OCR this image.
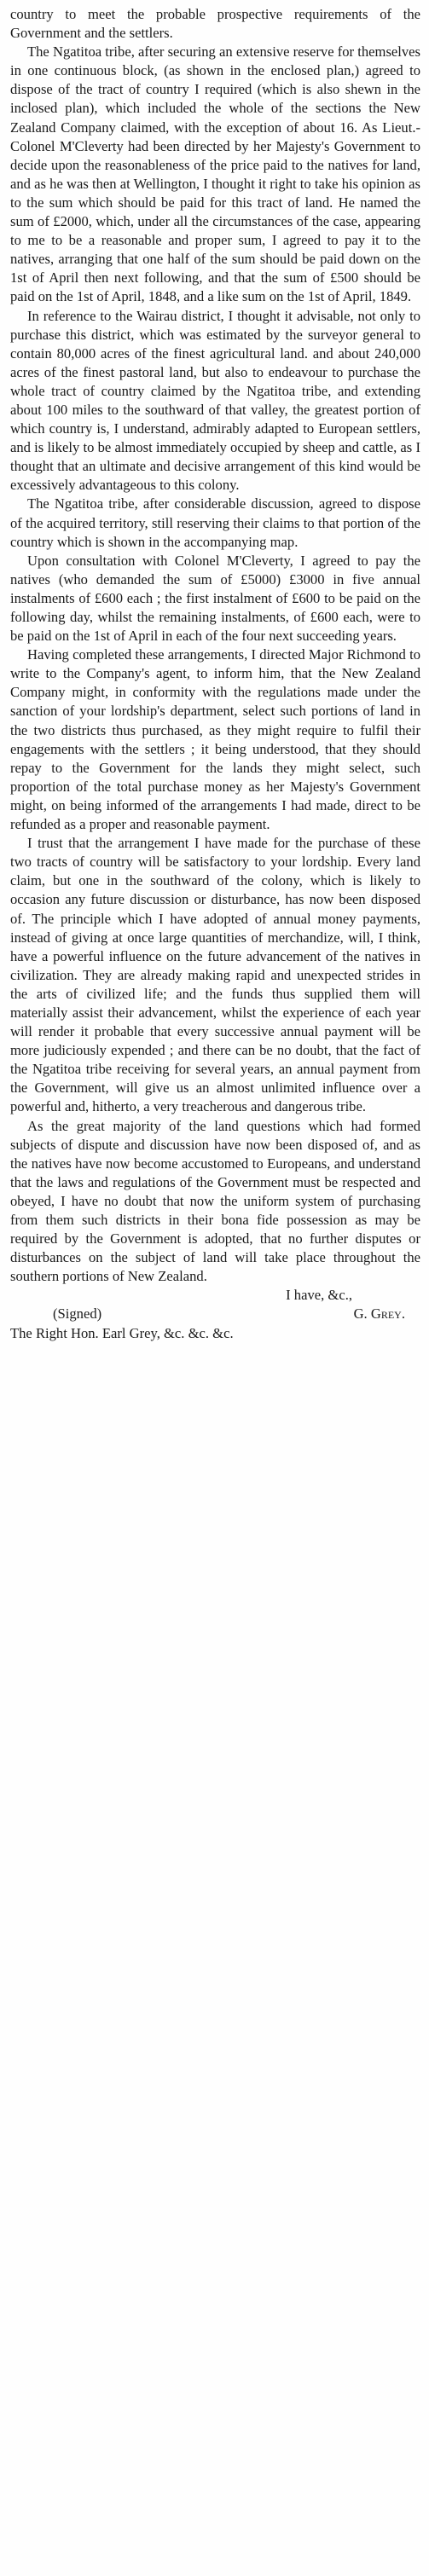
country to meet the probable prospective requirements of the Government and the settlers.

The Ngatitoa tribe, after securing an extensive reserve for themselves in one continuous block, (as shown in the enclosed plan,) agreed to dispose of the tract of country I required (which is also shewn in the inclosed plan), which included the whole of the sections the New Zealand Company claimed, with the exception of about 16. As Lieut.-Colonel M'Cleverty had been directed by her Majesty's Government to decide upon the reasonableness of the price paid to the natives for land, and as he was then at Wellington, I thought it right to take his opinion as to the sum which should be paid for this tract of land. He named the sum of £2000, which, under all the circumstances of the case, appearing to me to be a reasonable and proper sum, I agreed to pay it to the natives, arranging that one half of the sum should be paid down on the 1st of April then next following, and that the sum of £500 should be paid on the 1st of April, 1848, and a like sum on the 1st of April, 1849.

In reference to the Wairau district, I thought it advisable, not only to purchase this district, which was estimated by the surveyor general to contain 80,000 acres of the finest agricultural land. and about 240,000 acres of the finest pastoral land, but also to endeavour to purchase the whole tract of country claimed by the Ngatitoa tribe, and extending about 100 miles to the southward of that valley, the greatest portion of which country is, I understand, admirably adapted to European settlers, and is likely to be almost immediately occupied by sheep and cattle, as I thought that an ultimate and decisive arrangement of this kind would be excessively advantageous to this colony.

The Ngatitoa tribe, after considerable discussion, agreed to dispose of the acquired territory, still reserving their claims to that portion of the country which is shown in the accompanying map.

Upon consultation with Colonel M'Cleverty, I agreed to pay the natives (who demanded the sum of £5000) £3000 in five annual instalments of £600 each ; the first instalment of £600 to be paid on the following day, whilst the remaining instalments, of £600 each, were to be paid on the 1st of April in each of the four next succeeding years.

Having completed these arrangements, I directed Major Richmond to write to the Company's agent, to inform him, that the New Zealand Company might, in conformity with the regulations made under the sanction of your lordship's department, select such portions of land in the two districts thus purchased, as they might require to fulfil their engagements with the settlers ; it being understood, that they should repay to the Government for the lands they might select, such proportion of the total purchase money as her Majesty's Government might, on being informed of the arrangements I had made, direct to be refunded as a proper and reasonable payment.

I trust that the arrangement I have made for the purchase of these two tracts of country will be satisfactory to your lordship. Every land claim, but one in the southward of the colony, which is likely to occasion any future discussion or disturbance, has now been disposed of. The principle which I have adopted of annual money payments, instead of giving at once large quantities of merchandize, will, I think, have a powerful influence on the future advancement of the natives in civilization. They are already making rapid and unexpected strides in the arts of civilized life; and the funds thus supplied them will materially assist their advancement, whilst the experience of each year will render it probable that every successive annual payment will be more judiciously expended ; and there can be no doubt, that the fact of the Ngatitoa tribe receiving for several years, an annual payment from the Government, will give us an almost unlimited influence over a powerful and, hitherto, a very treacherous and dangerous tribe.

As the great majority of the land questions which had formed subjects of dispute and discussion have now been disposed of, and as the natives have now become accustomed to Europeans, and understand that the laws and regulations of the Government must be respected and obeyed, I have no doubt that now the uniform system of purchasing from them such districts in their bona fide possession as may be required by the Government is adopted, that no further disputes or disturbances on the subject of land will take place throughout the southern portions of New Zealand.

I have, &c.,

(Signed)	G. Grey.

The Right Hon. Earl Grey, &c. &c. &c.
